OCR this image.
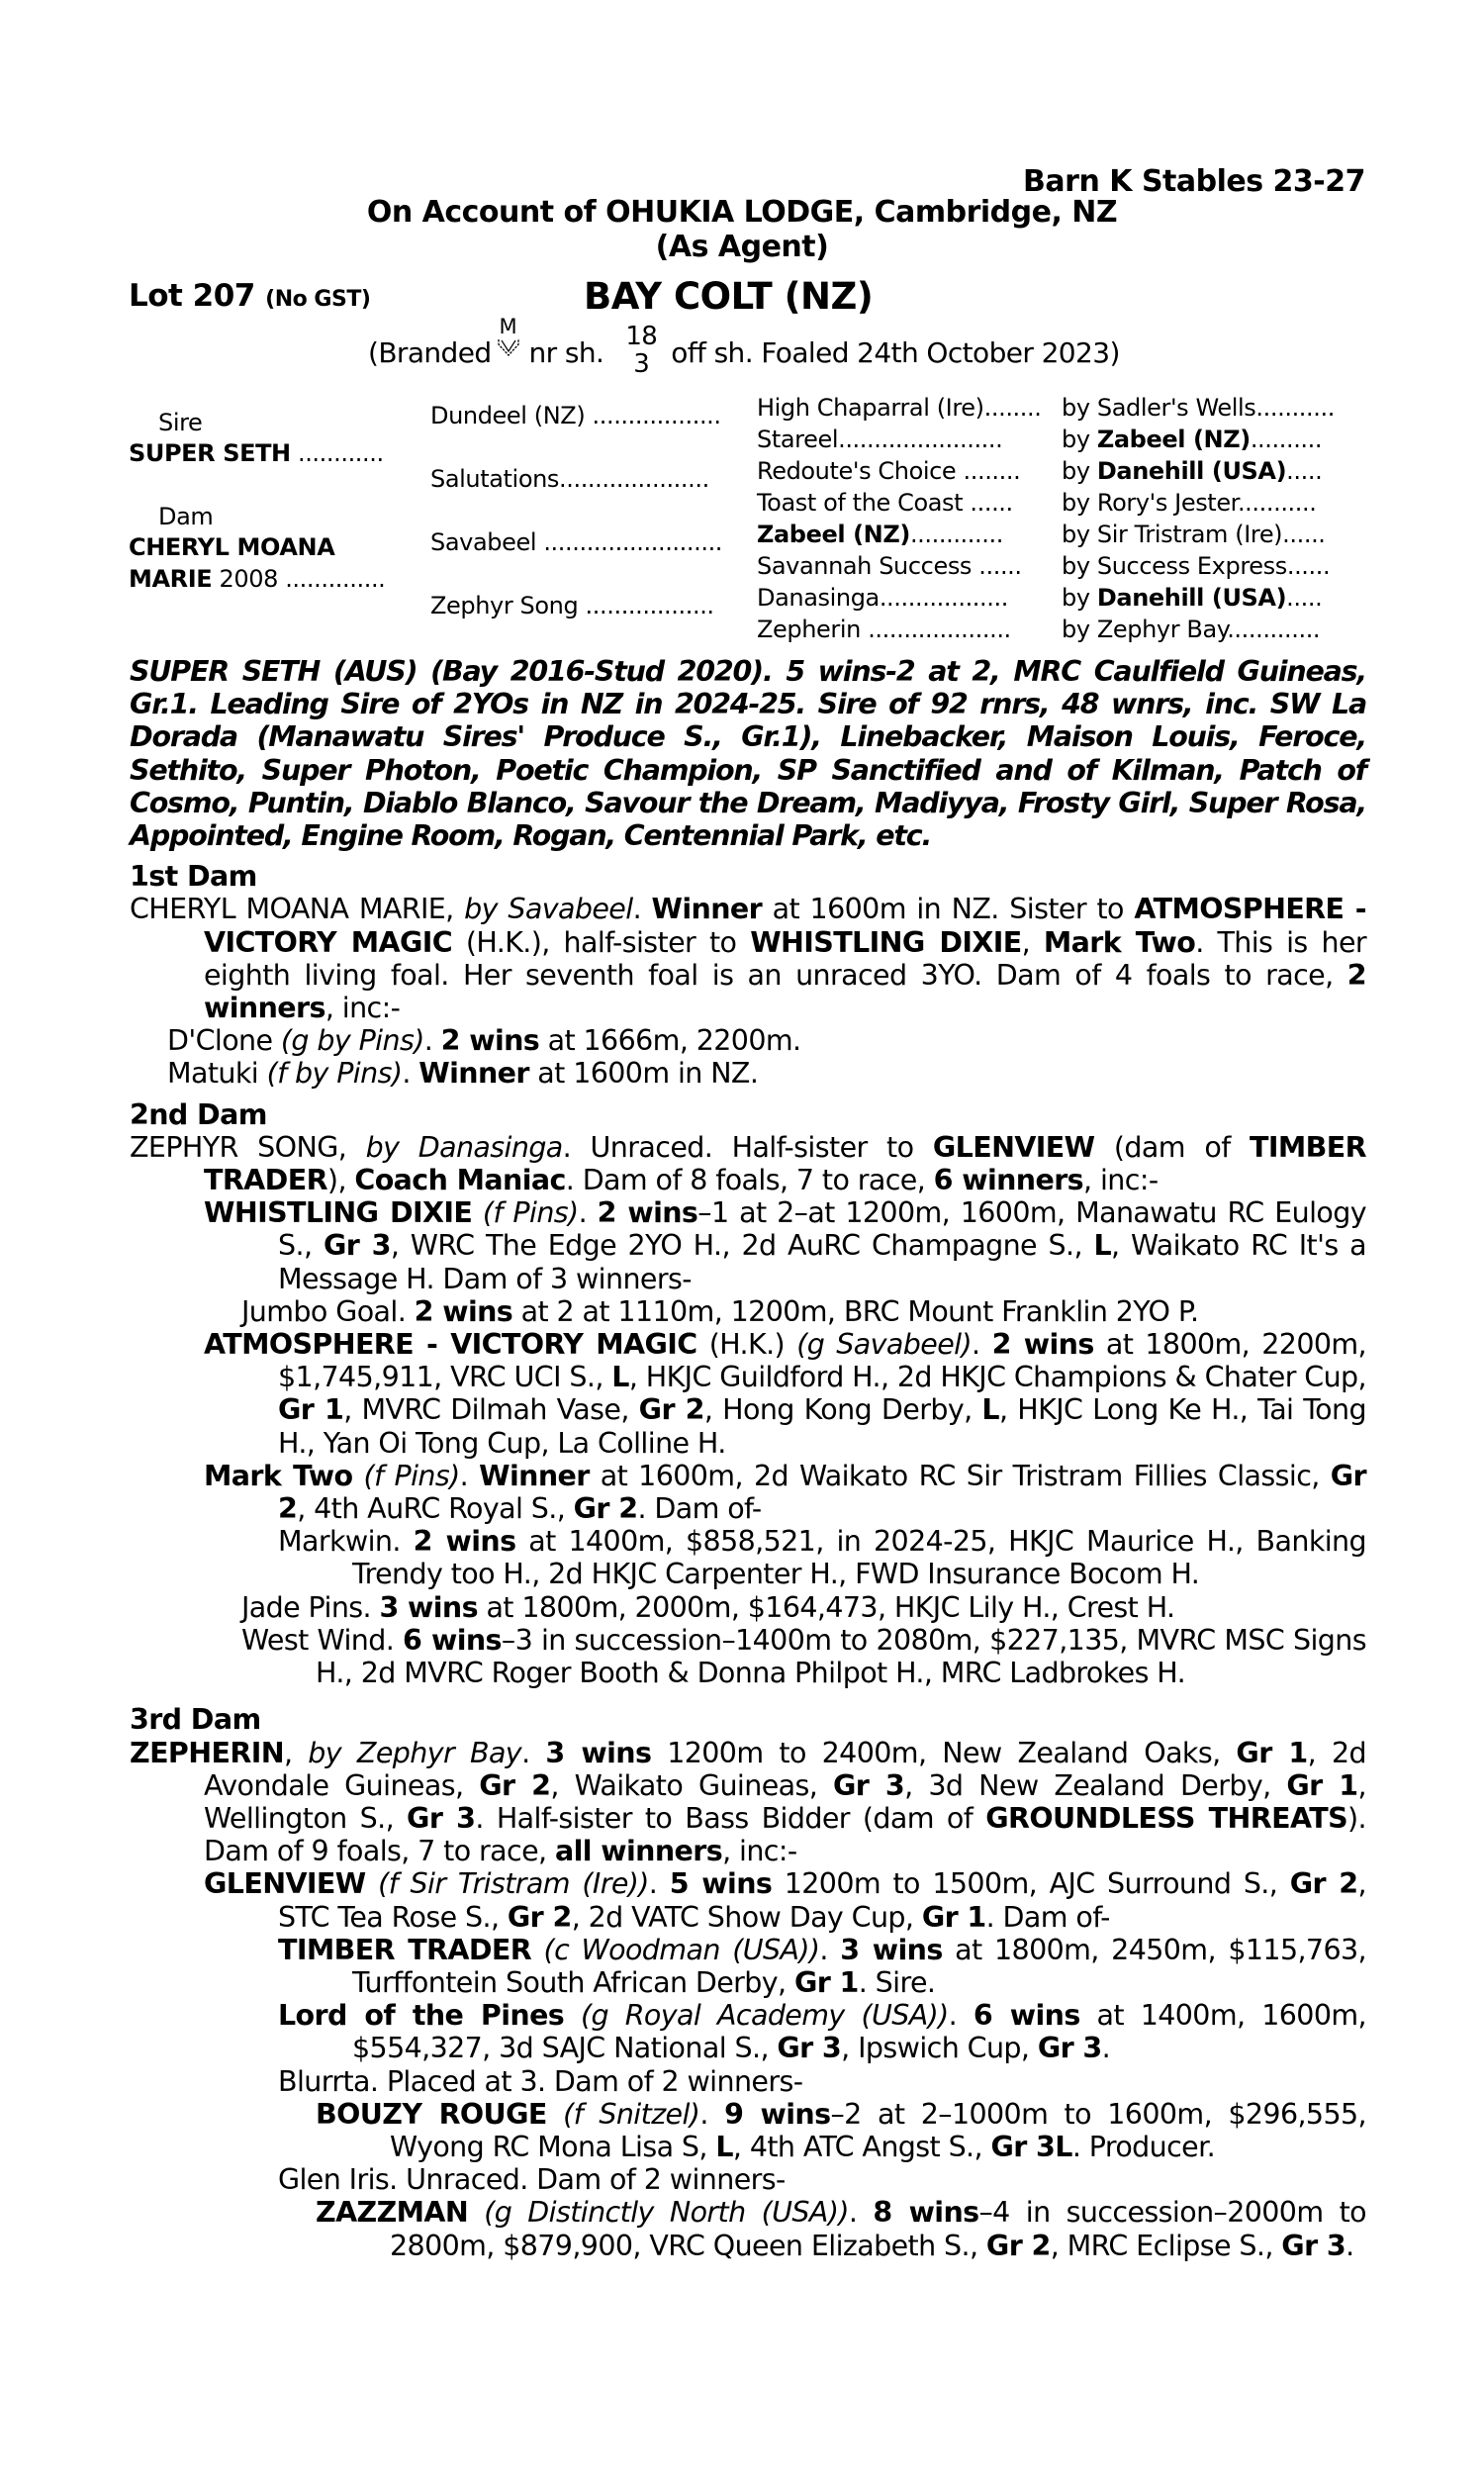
Barn K Stables 23-27
On Account of OHUKIA LODGE, Cambridge, NZ
(As Agent)
Lot 207 (No GST)	BAY COLT (NZ)
(Branded
M
nr sh. 18
3 off sh. Foaled 24th October 2023)
Sire
SUPER SETH ............
Dam
CHERYL MOANA
MARIE 2008 ..............
Dundeel (NZ) ..................
Salutations.....................
Savabeel .........................
Zephyr Song ..................
High Chaparral (Ire)........ by Sadler's Wells...........
Stareel....................... by Zabeel (NZ)..........
Redoute's Choice ........ by Danehill (USA).....
Toast of the Coast ...... by Rory's Jester...........
Zabeel (NZ)............. by Sir Tristram (Ire)......
Savannah Success ...... by Success Express......
Danasinga.................. by Danehill (USA).....
Zepherin .................... by Zephyr Bay.............
SUPER SETH (AUS) (Bay 2016-Stud 2020). 5 wins-2 at 2, MRC Caulfield Guineas, Gr.1. Leading Sire of 2YOs in NZ in 2024-25. Sire of 92 rnrs, 48 wnrs, inc. SW La Dorada (Manawatu Sires' Produce S., Gr.1), Linebacker, Maison Louis, Feroce, Sethito, Super Photon, Poetic Champion, SP Sanctified and of Kilman, Patch of Cosmo, Puntin, Diablo Blanco, Savour the Dream, Madiyya, Frosty Girl, Super Rosa, Appointed, Engine Room, Rogan, Centennial Park, etc.
1st Dam
CHERYL MOANA MARIE, by Savabeel. Winner at 1600m in NZ. Sister to ATMOSPHERE - VICTORY MAGIC (H.K.), half-sister to WHISTLING DIXIE, Mark Two. This is her eighth living foal. Her seventh foal is an unraced 3YO. Dam of 4 foals to race, 2 winners, inc:-
D'Clone (g by Pins). 2 wins at 1666m, 2200m.
Matuki (f by Pins). Winner at 1600m in NZ.
2nd Dam
ZEPHYR SONG, by Danasinga. Unraced. Half-sister to GLENVIEW (dam of TIMBER TRADER), Coach Maniac. Dam of 8 foals, 7 to race, 6 winners, inc:-
WHISTLING DIXIE (f Pins). 2 wins–1 at 2–at 1200m, 1600m, Manawatu RC Eulogy S., Gr 3, WRC The Edge 2YO H., 2d AuRC Champagne S., L, Waikato RC It's a Message H. Dam of 3 winners-
Jumbo Goal. 2 wins at 2 at 1110m, 1200m, BRC Mount Franklin 2YO P.
ATMOSPHERE - VICTORY MAGIC (H.K.) (g Savabeel). 2 wins at 1800m, 2200m, $1,745,911, VRC UCI S., L, HKJC Guildford H., 2d HKJC Champions & Chater Cup, Gr 1, MVRC Dilmah Vase, Gr 2, Hong Kong Derby, L, HKJC Long Ke H., Tai Tong H., Yan Oi Tong Cup, La Colline H.
Mark Two (f Pins). Winner at 1600m, 2d Waikato RC Sir Tristram Fillies Classic, Gr 2, 4th AuRC Royal S., Gr 2. Dam of-
Markwin. 2 wins at 1400m, $858,521, in 2024-25, HKJC Maurice H., Banking Trendy too H., 2d HKJC Carpenter H., FWD Insurance Bocom H.
Jade Pins. 3 wins at 1800m, 2000m, $164,473, HKJC Lily H., Crest H.
West Wind. 6 wins–3 in succession–1400m to 2080m, $227,135, MVRC MSC Signs H., 2d MVRC Roger Booth & Donna Philpot H., MRC Ladbrokes H.
3rd Dam
ZEPHERIN, by Zephyr Bay. 3 wins 1200m to 2400m, New Zealand Oaks, Gr 1, 2d Avondale Guineas, Gr 2, Waikato Guineas, Gr 3, 3d New Zealand Derby, Gr 1, Wellington S., Gr 3. Half-sister to Bass Bidder (dam of GROUNDLESS THREATS). Dam of 9 foals, 7 to race, all winners, inc:-
GLENVIEW (f Sir Tristram (Ire)). 5 wins 1200m to 1500m, AJC Surround S., Gr 2, STC Tea Rose S., Gr 2, 2d VATC Show Day Cup, Gr 1. Dam of-
TIMBER TRADER (c Woodman (USA)). 3 wins at 1800m, 2450m, $115,763, Turffontein South African Derby, Gr 1. Sire.
Lord of the Pines (g Royal Academy (USA)). 6 wins at 1400m, 1600m, $554,327, 3d SAJC National S., Gr 3, Ipswich Cup, Gr 3.
Blurrta. Placed at 3. Dam of 2 winners-
BOUZY ROUGE (f Snitzel). 9 wins–2 at 2–1000m to 1600m, $296,555, Wyong RC Mona Lisa S, L, 4th ATC Angst S., Gr 3L. Producer.
Glen Iris. Unraced. Dam of 2 winners-
ZAZZMAN (g Distinctly North (USA)). 8 wins–4 in succession–2000m to 2800m, $879,900, VRC Queen Elizabeth S., Gr 2, MRC Eclipse S., Gr 3.
